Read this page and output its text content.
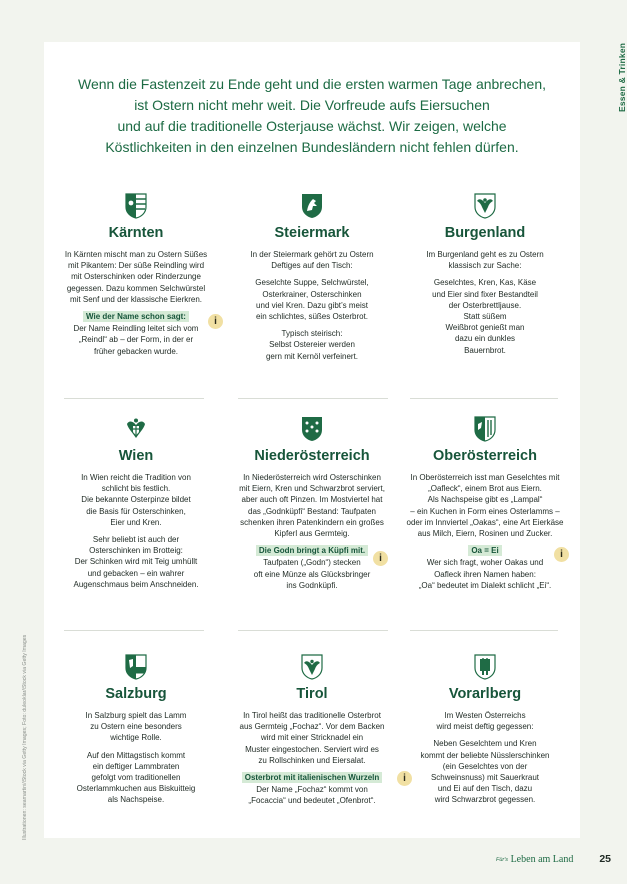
Essen & Trinken
Illustrationen: seamartini/iStock via Getty Images; Foto: duleoklar/iStock via Getty Images
Wenn die Fastenzeit zu Ende geht und die ersten warmen Tage anbrechen,
ist Ostern nicht mehr weit. Die Vorfreude aufs Eiersuchen
und auf die traditionelle Osterjause wächst. Wir zeigen, welche
Köstlichkeiten in den einzelnen Bundesländern nicht fehlen dürfen.
Kärnten

In Kärnten mischt man zu Ostern Süßes
mit Pikantem: Der süße Reindling wird
mit Osterschinken oder Rinderzunge
gegessen. Dazu kommen Selchwürstel
mit Senf und der klassische Eierkren.

Wie der Name schon sagt:

Der Name Reindling leitet sich vom
„Reindl“ ab – der Form, in der er
früher gebacken wurde.

i
Steiermark

In der Steiermark gehört zu Ostern
Deftiges auf den Tisch:

Geselchte Suppe, Selchwürstel,
Osterkrainer, Osterschinken
und viel Kren. Dazu gibt’s meist
ein schlichtes, süßes Osterbrot.

Typisch steirisch:
Selbst Ostereier werden
gern mit Kernöl verfeinert.

Burgenland

Im Burgenland geht es zu Ostern
klassisch zur Sache:

Geselchtes, Kren, Kas, Käse
und Eier sind fixer Bestandteil
der Osterbrettljause.
Statt süßem
Weißbrot genießt man
dazu ein dunkles
Bauernbrot.

Wien

In Wien reicht die Tradition von
schlicht bis festlich.
Die bekannte Osterpinze bildet
die Basis für Osterschinken,
Eier und Kren.

Sehr beliebt ist auch der
Osterschinken im Brotteig:
Der Schinken wird mit Teig umhüllt
und gebacken – ein wahrer
Augenschmaus beim Anschneiden.

Niederösterreich

In Niederösterreich wird Osterschinken
mit Eiern, Kren und Schwarzbrot serviert,
aber auch oft Pinzen. Im Mostviertel hat
das „Godnküpfi“ Bestand: Taufpaten
schenken ihren Patenkindern ein großes
Kipferl aus Germteig.

Die Godn bringt a Küpfi mit.

Taufpaten („Godn“) stecken
oft eine Münze als Glücksbringer
ins Godnküpfi.

i
Oberösterreich

In Oberösterreich isst man Geselchtes mit
„Oafleck“, einem Brot aus Eiern.
Als Nachspeise gibt es „Lampal“
– ein Kuchen in Form eines Osterlamms –
oder im Innviertel „Oakas“, eine Art Eierkäse
aus Milch, Eiern, Rosinen und Zucker.

Oa = Ei

Wer sich fragt, woher Oakas und
Oafleck ihren Namen haben:
„Oa“ bedeutet im Dialekt schlicht „Ei“.

i
Salzburg

In Salzburg spielt das Lamm
zu Ostern eine besonders
wichtige Rolle.

Auf den Mittagstisch kommt
ein deftiger Lammbraten
gefolgt vom traditionellen
Osterlammkuchen aus Biskuitteig
als Nachspeise.

Tirol

In Tirol heißt das traditionelle Osterbrot
aus Germteig „Fochaz“. Vor dem Backen
wird mit einer Stricknadel ein
Muster eingestochen. Serviert wird es
zu Rollschinken und Eiersalat.

Osterbrot mit italienischen Wurzeln

Der Name „Fochaz“ kommt von
„Focaccia“ und bedeutet „Ofenbrot“.

i
Vorarlberg

Im Westen Österreichs
wird meist deftig gegessen:

Neben Geselchtem und Kren
kommt der beliebte Nüsslerschinken
(ein Geselchtes von der
Schweinsnuss) mit Sauerkraut
und Ei auf den Tisch, dazu
wird Schwarzbrot gegessen.

Für's Leben am Land 25
